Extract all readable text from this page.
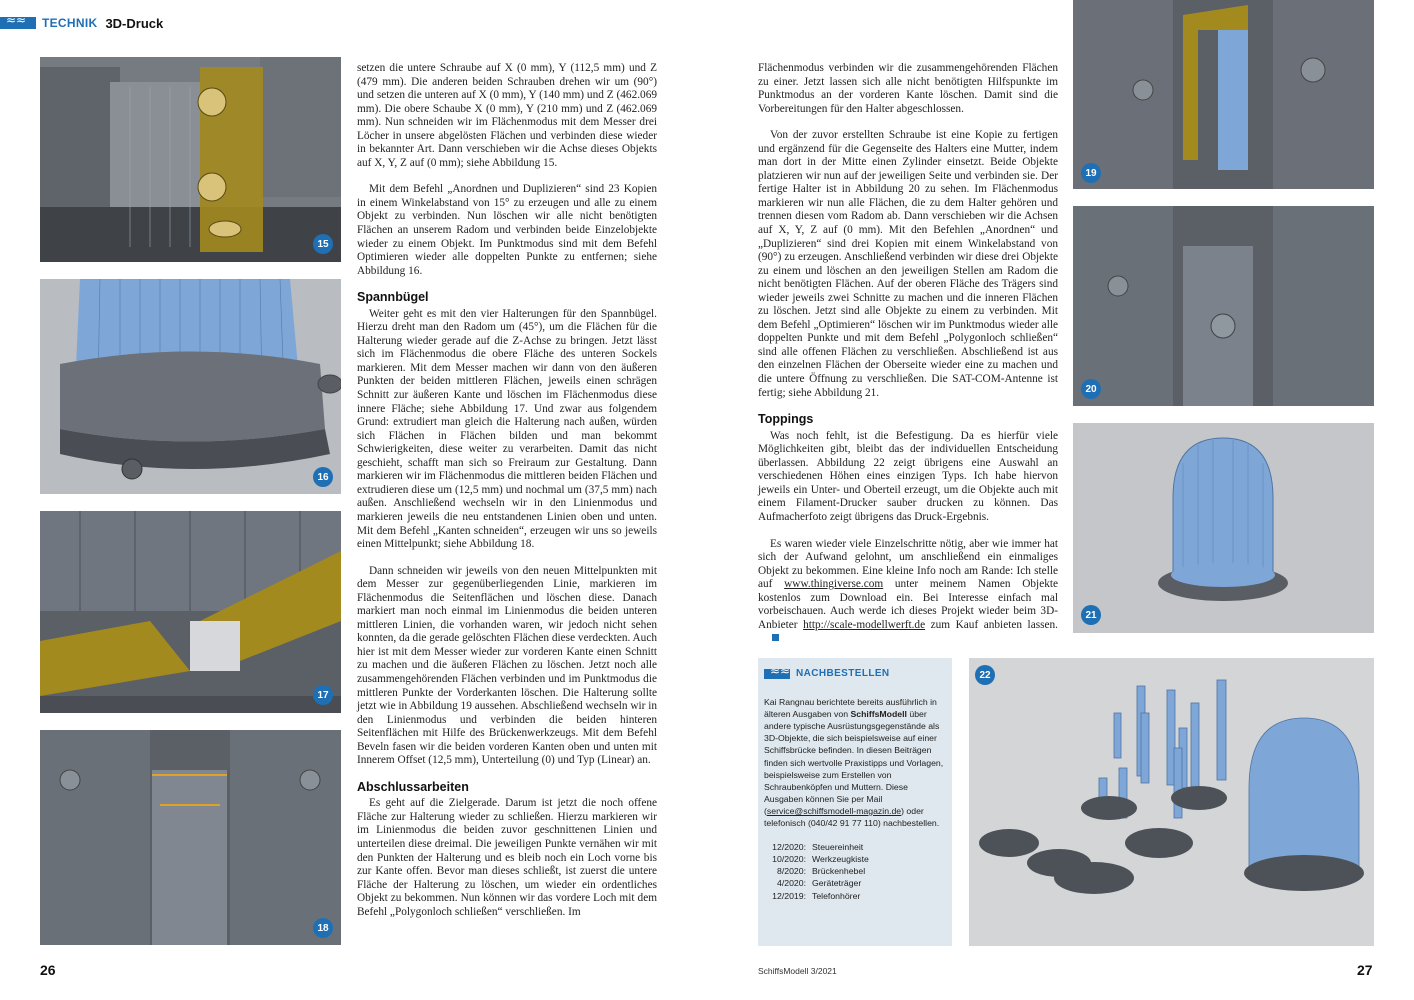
≈≈
TECHNIK 3D-Druck
15
16
17
18

setzen die untere Schraube auf X (0 mm), Y (112,5 mm) und Z (479 mm). Die anderen beiden Schrauben drehen wir um (90°) und setzen die unteren auf X (0 mm), Y (140 mm) und Z (462.069 mm). Die obere Schaube X (0 mm), Y (210 mm) und Z (462.069 mm). Nun schneiden wir im Flächenmodus mit dem Messer drei Löcher in unsere abgelösten Flächen und verbinden diese wieder in bekannter Art. Dann verschieben wir die Achse dieses Objekts auf X, Y, Z auf (0 mm); siehe Abbildung 15.

Mit dem Befehl „Anordnen und Duplizieren“ sind 23 Kopien in einem Winkelabstand von 15° zu erzeugen und alle zu einem Objekt zu verbinden. Nun löschen wir alle nicht benötigten Flächen an unserem Radom und verbinden beide Einzelobjekte wieder zu einem Objekt. Im Punktmodus sind mit dem Befehl Optimieren wieder alle doppelten Punkte zu entfernen; siehe Abbildung 16.

Spannbügel

Weiter geht es mit den vier Halterungen für den Spannbügel. Hierzu dreht man den Radom um (45°), um die Flächen für die Halterung wieder gerade auf die Z-Achse zu bringen. Jetzt lässt sich im Flächenmodus die obere Fläche des unteren Sockels markieren. Mit dem Messer machen wir dann von den äußeren Punkten der beiden mittleren Flächen, jeweils einen schrägen Schnitt zur äußeren Kante und löschen im Flächenmodus diese innere Fläche; siehe Abbildung 17. Und zwar aus folgendem Grund: extrudiert man gleich die Halterung nach außen, würden sich Flächen in Flächen bilden und man bekommt Schwierigkeiten, diese weiter zu verarbeiten. Damit das nicht geschieht, schafft man sich so Freiraum zur Gestaltung. Dann markieren wir im Flächenmodus die mittleren beiden Flächen und extrudieren diese um (12,5 mm) und nochmal um (37,5 mm) nach außen. Anschließend wechseln wir in den Linienmodus und markieren jeweils die neu entstandenen Linien oben und unten. Mit dem Befehl „Kanten schneiden“, erzeugen wir uns so jeweils einen Mittelpunkt; siehe Abbildung 18.

Dann schneiden wir jeweils von den neuen Mittelpunkten mit dem Messer zur gegenüberliegenden Linie, markieren im Flächenmodus die Seitenflächen und löschen diese. Danach markiert man noch einmal im Linienmodus die beiden unteren mittleren Linien, die vorhanden waren, wir jedoch nicht sehen konnten, da die gerade gelöschten Flächen diese verdeckten. Auch hier ist mit dem Messer wieder zur vorderen Kante einen Schnitt zu machen und die äußeren Flächen zu löschen. Jetzt noch alle zusammengehörenden Flächen verbinden und im Punktmodus die mittleren Punkte der Vorderkanten löschen. Die Halterung sollte jetzt wie in Abbildung 19 aussehen. Abschließend wechseln wir in den Linienmodus und verbinden die beiden hinteren Seitenflächen mit Hilfe des Brückenwerkzeugs. Mit dem Befehl Beveln fasen wir die beiden vorderen Kanten oben und unten mit Innerem Offset (12,5 mm), Unterteilung (0) und Typ (Linear) an.

Abschlussarbeiten

Es geht auf die Zielgerade. Darum ist jetzt die noch offene Fläche zur Halterung wieder zu schließen. Hierzu markieren wir im Linienmodus die beiden zuvor geschnittenen Linien und unterteilen diese dreimal. Die jeweiligen Punkte vernähen wir mit den Punkten der Halterung und es bleib noch ein Loch vorne bis zur Kante offen. Bevor man dieses schließt, ist zuerst die untere Fläche der Halterung zu löschen, um wieder ein ordentliches Objekt zu bekommen. Nun können wir das vordere Loch mit dem Befehl „Polygonloch schließen“ verschließen. Im

Flächenmodus verbinden wir die zusammengehörenden Flächen zu einer. Jetzt lassen sich alle nicht benötigten Hilfspunkte im Punktmodus an der vorderen Kante löschen. Damit sind die Vorbereitungen für den Halter abgeschlossen.

Von der zuvor erstellten Schraube ist eine Kopie zu fertigen und ergänzend für die Gegenseite des Halters eine Mutter, indem man dort in der Mitte einen Zylinder einsetzt. Beide Objekte platzieren wir nun auf der jeweiligen Seite und verbinden sie. Der fertige Halter ist in Abbildung 20 zu sehen. Im Flächenmodus markieren wir nun alle Flächen, die zu dem Halter gehören und trennen diesen vom Radom ab. Dann verschieben wir die Achsen auf X, Y, Z auf (0 mm). Mit den Befehlen „Anordnen“ und „Duplizieren“ sind drei Kopien mit einem Winkelabstand von (90°) zu erzeugen. Anschließend verbinden wir diese drei Objekte zu einem und löschen an den jeweiligen Stellen am Radom die nicht benötigten Flächen. Auf der oberen Fläche des Trägers sind wieder jeweils zwei Schnitte zu machen und die inneren Flächen zu löschen. Jetzt sind alle Objekte zu einem zu verbinden. Mit dem Befehl „Optimieren“ löschen wir im Punktmodus wieder alle doppelten Punkte und mit dem Befehl „Polygonloch schließen“ sind alle offenen Flächen zu verschließen. Abschließend ist aus den einzelnen Flächen der Oberseite wieder eine zu machen und die untere Öffnung zu verschließen. Die SAT-COM-Antenne ist fertig; siehe Abbildung 21.

Toppings

Was noch fehlt, ist die Befestigung. Da es hierfür viele Möglichkeiten gibt, bleibt das der individuellen Entscheidung überlassen. Abbildung 22 zeigt übrigens eine Auswahl an verschiedenen Höhen eines einzigen Typs. Ich habe hiervon jeweils ein Unter- und Oberteil erzeugt, um die Objekte auch mit einem Filament-Drucker sauber drucken zu können. Das Aufmacherfoto zeigt übrigens das Druck-Ergebnis.

Es waren wieder viele Einzelschritte nötig, aber wie immer hat sich der Aufwand gelohnt, um anschließend ein einmaliges Objekt zu bekommen. Eine kleine Info noch am Rande: Ich stelle auf www.thingiverse.com unter meinem Namen Objekte kostenlos zum Download ein. Bei Interesse einfach mal vorbeischauen. Auch werde ich dieses Projekt wieder beim 3D-Anbieter http://scale-modellwerft.de zum Kauf anbieten lassen.

19
20
21
≈≈
NACHBESTELLEN
Kai Rangnau berichtete bereits ausführlich in älteren Ausgaben von SchiffsModell über andere typische Ausrüstungsgegenstände als 3D-Objekte, die sich beispielsweise auf einer Schiffsbrücke befinden. In diesen Beiträgen finden sich wertvolle Praxistipps und Vorlagen, beispielsweise zum Erstellen von Schraubenköpfen und Muttern. Diese Ausgaben können Sie per Mail (service@schiffsmodell-magazin.de) oder telefonisch (040/42 91 77 110) nachbestellen.
12/2020: Steuereinheit
10/2020: Werkzeugkiste
8/2020: Brückenhebel
4/2020: Geräteträger
12/2019: Telefonhörer
22
26	SchiffsModell 3/2021	27
